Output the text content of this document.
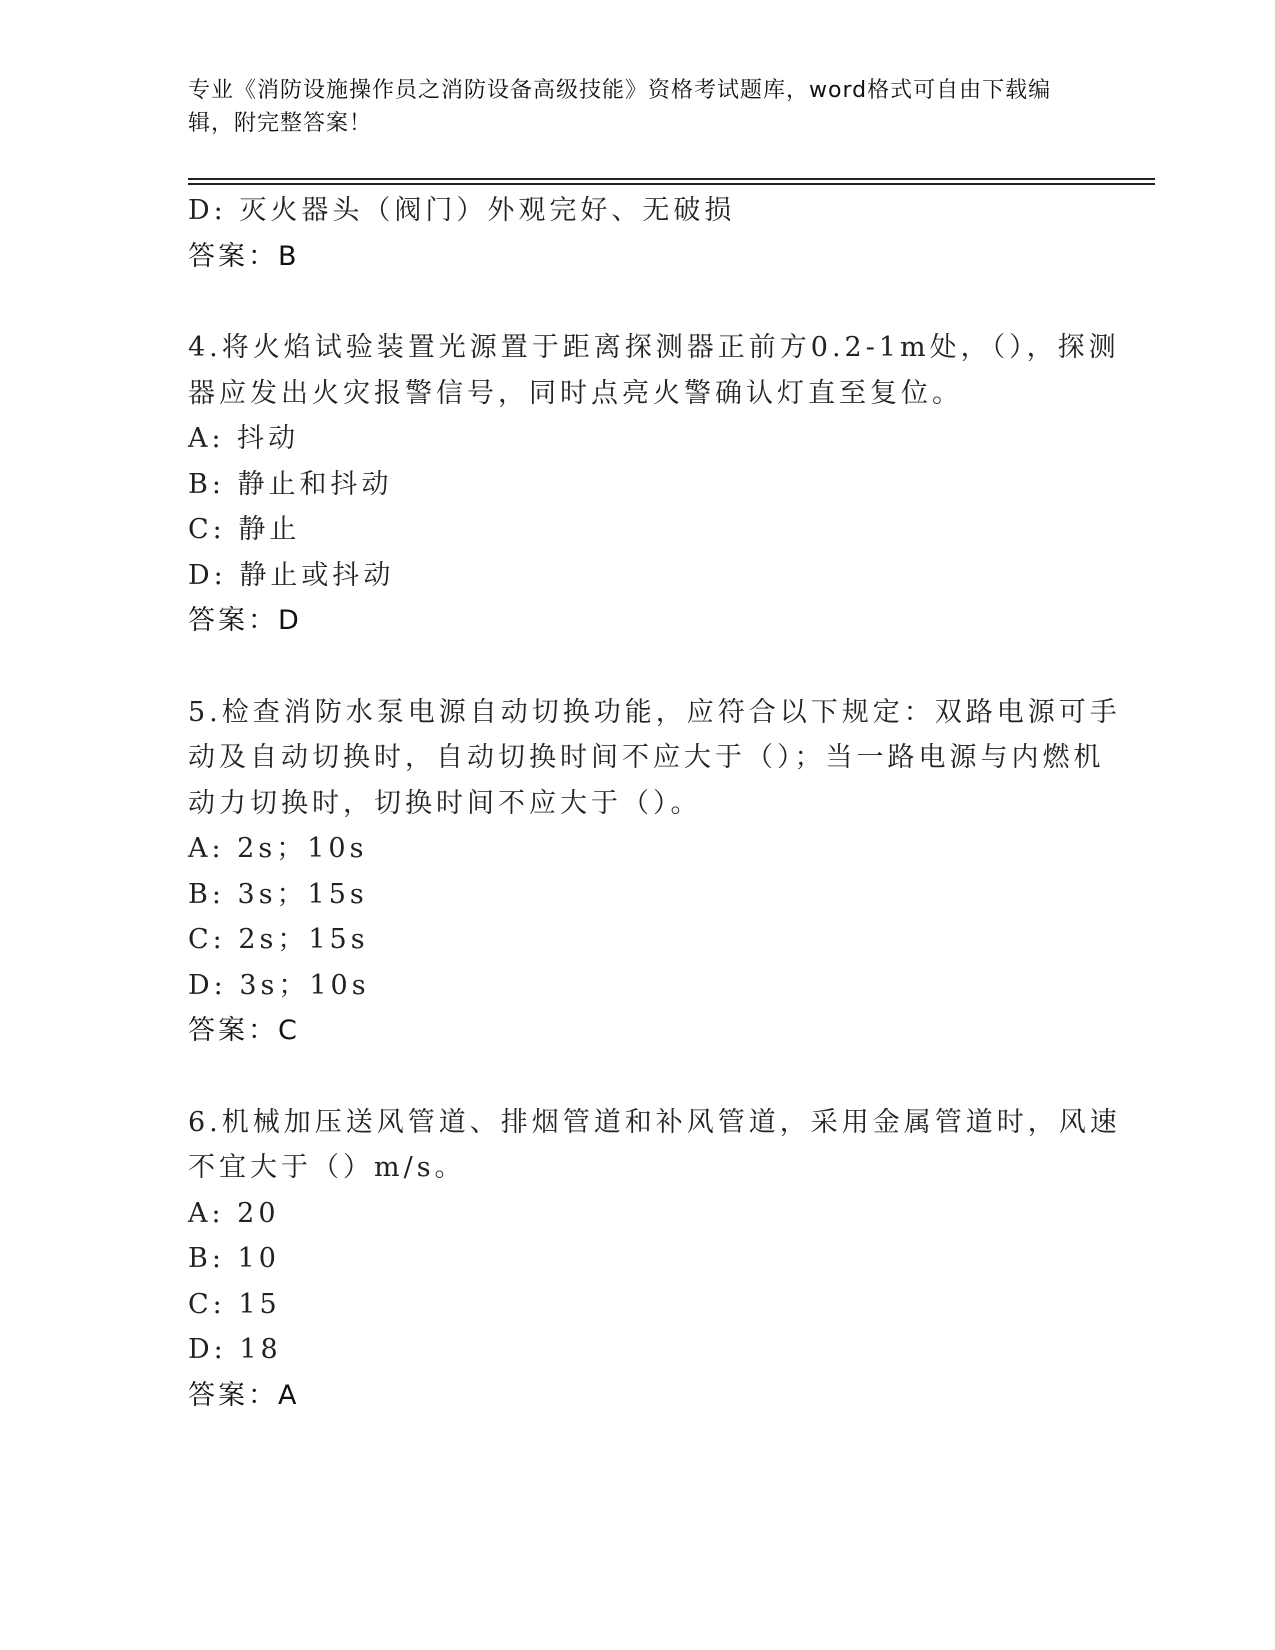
专业《消防设施操作员之消防设备高级技能》资格考试题库，word格式可自由下载编辑，附完整答案！
D: 灭火器头（阀门）外观完好、无破损
答案：B
4.将火焰试验装置光源置于距离探测器正前方0.2-1m处，（），探测
器应发出火灾报警信号，同时点亮火警确认灯直至复位。
A: 抖动
B: 静止和抖动
C: 静止
D: 静止或抖动
答案：D
5.检查消防水泵电源自动切换功能，应符合以下规定：双路电源可手
动及自动切换时，自动切换时间不应大于（）；当一路电源与内燃机
动力切换时，切换时间不应大于（）。
A: 2s；10s
B: 3s；15s
C: 2s；15s
D: 3s；10s
答案：C
6.机械加压送风管道、排烟管道和补风管道，采用金属管道时，风速
不宜大于（）m/s。
A: 20
B: 10
C: 15
D: 18
答案：A
